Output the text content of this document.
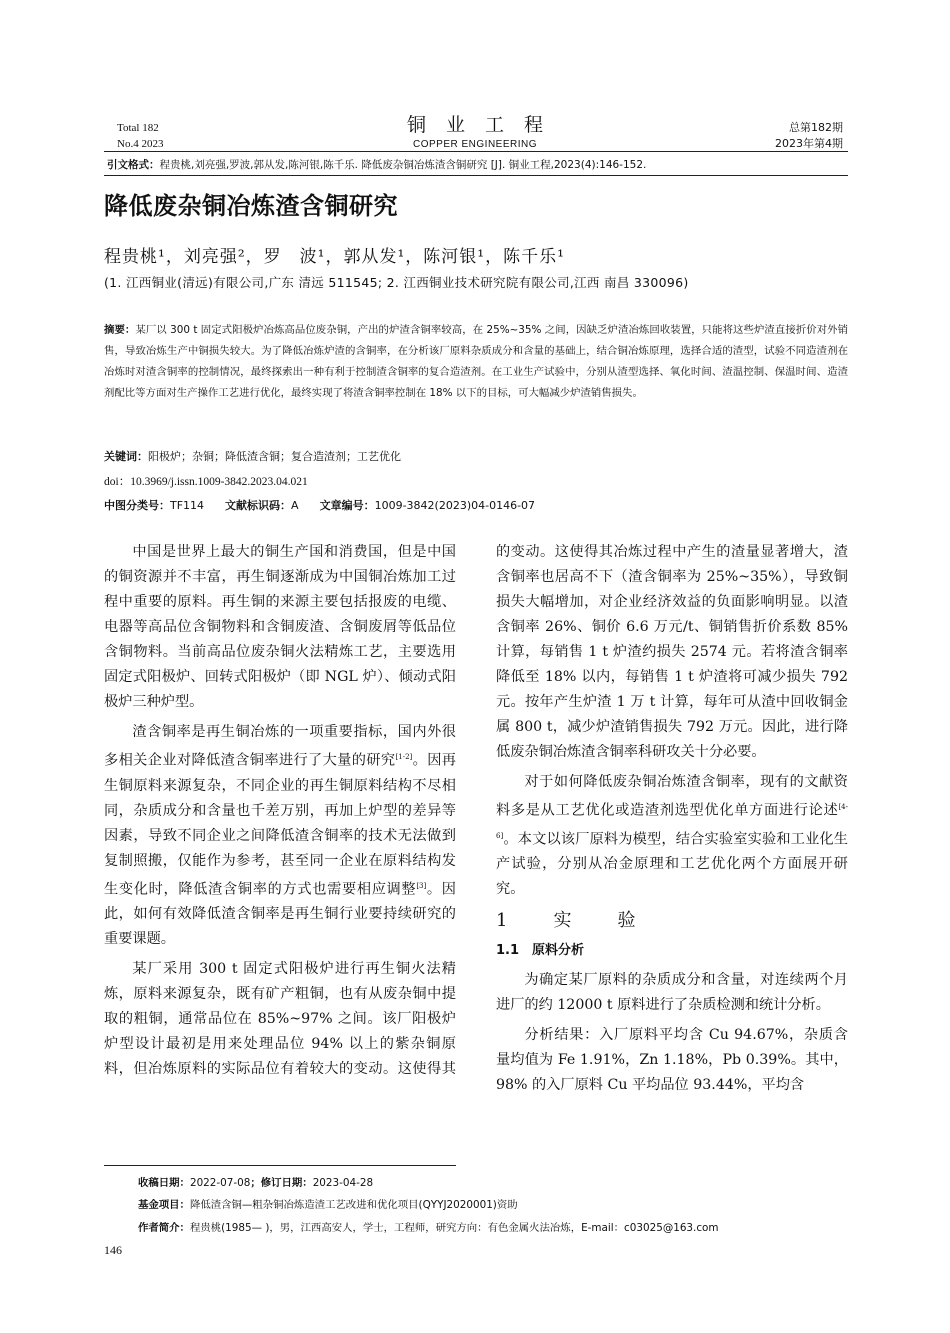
Total 182
No.4 2023
铜业工程
COPPER ENGINEERING
总第182期
2023年第4期
引文格式：程贵桃,刘亮强,罗波,郭从发,陈河银,陈千乐. 降低废杂铜冶炼渣含铜研究 [J]. 铜业工程,2023(4):146-152.
降低废杂铜冶炼渣含铜研究
程贵桃¹，刘亮强²，罗　波¹，郭从发¹，陈河银¹，陈千乐¹
(1. 江西铜业(清远)有限公司,广东 清远 511545; 2. 江西铜业技术研究院有限公司,江西 南昌 330096)
摘要：某厂以 300 t 固定式阳极炉冶炼高品位废杂铜，产出的炉渣含铜率较高，在 25%~35% 之间，因缺乏炉渣冶炼回收装置，只能将这些炉渣直接折价对外销售，导致冶炼生产中铜损失较大。为了降低冶炼炉渣的含铜率，在分析该厂原料杂质成分和含量的基础上，结合铜冶炼原理，选择合适的渣型，试验不同造渣剂在冶炼时对渣含铜率的控制情况，最终探索出一种有利于控制渣含铜率的复合造渣剂。在工业生产试验中，分别从渣型选择、氧化时间、渣温控制、保温时间、造渣剂配比等方面对生产操作工艺进行优化，最终实现了将渣含铜率控制在 18% 以下的目标，可大幅减少炉渣销售损失。
关键词：阳极炉；杂铜；降低渣含铜；复合造渣剂；工艺优化
doi：10.3969/j.issn.1009-3842.2023.04.021
中图分类号：TF114 文献标识码：A 文章编号：1009-3842(2023)04-0146-07

中国是世界上最大的铜生产国和消费国，但是中国的铜资源并不丰富，再生铜逐渐成为中国铜冶炼加工过程中重要的原料。再生铜的来源主要包括报废的电缆、电器等高品位含铜物料和含铜废渣、含铜废屑等低品位含铜物料。当前高品位废杂铜火法精炼工艺，主要选用固定式阳极炉、回转式阳极炉（即 NGL 炉）、倾动式阳极炉三种炉型。

渣含铜率是再生铜冶炼的一项重要指标，国内外很多相关企业对降低渣含铜率进行了大量的研究[1-2]。因再生铜原料来源复杂，不同企业的再生铜原料结构不尽相同，杂质成分和含量也千差万别，再加上炉型的差异等因素，导致不同企业之间降低渣含铜率的技术无法做到复制照搬，仅能作为参考，甚至同一企业在原料结构发生变化时，降低渣含铜率的方式也需要相应调整[3]。因此，如何有效降低渣含铜率是再生铜行业要持续研究的重要课题。

某厂采用 300 t 固定式阳极炉进行再生铜火法精炼，原料来源复杂，既有矿产粗铜，也有从废杂铜中提取的粗铜，通常品位在 85%~97% 之间。该厂阳极炉炉型设计最初是用来处理品位 94% 以上的紫杂铜原料，但冶炼原料的实际品位有着较大的变动。这使得其

的变动。这使得其冶炼过程中产生的渣量显著增大，渣含铜率也居高不下（渣含铜率为 25%~35%），导致铜损失大幅增加，对企业经济效益的负面影响明显。以渣含铜率 26%、铜价 6.6 万元/t、铜销售折价系数 85% 计算，每销售 1 t 炉渣约损失 2574 元。若将渣含铜率降低至 18% 以内，每销售 1 t 炉渣将可减少损失 792 元。按年产生炉渣 1 万 t 计算，每年可从渣中回收铜金属 800 t，减少炉渣销售损失 792 万元。因此，进行降低废杂铜冶炼渣含铜率科研攻关十分必要。

对于如何降低废杂铜冶炼渣含铜率，现有的文献资料多是从工艺优化或造渣剂选型优化单方面进行论述[4-6]。本文以该厂原料为模型，结合实验室实验和工业化生产试验，分别从冶金原理和工艺优化两个方面展开研究。

1　实　验

1.1　原料分析

为确定某厂原料的杂质成分和含量，对连续两个月进厂的约 12000 t 原料进行了杂质检测和统计分析。

分析结果：入厂原料平均含 Cu 94.67%，杂质含量均值为 Fe 1.91%，Zn 1.18%，Pb 0.39%。其中，98% 的入厂原料 Cu 平均品位 93.44%，平均含

收稿日期：2022-07-08；修订日期：2023-04-28
基金项目：降低渣含铜—粗杂铜冶炼造渣工艺改进和优化项目(QYYJ2020001)资助
作者简介：程贵桃(1985— )，男，江西高安人，学士，工程师，研究方向：有色金属火法冶炼，E-mail：c03025@163.com
146
